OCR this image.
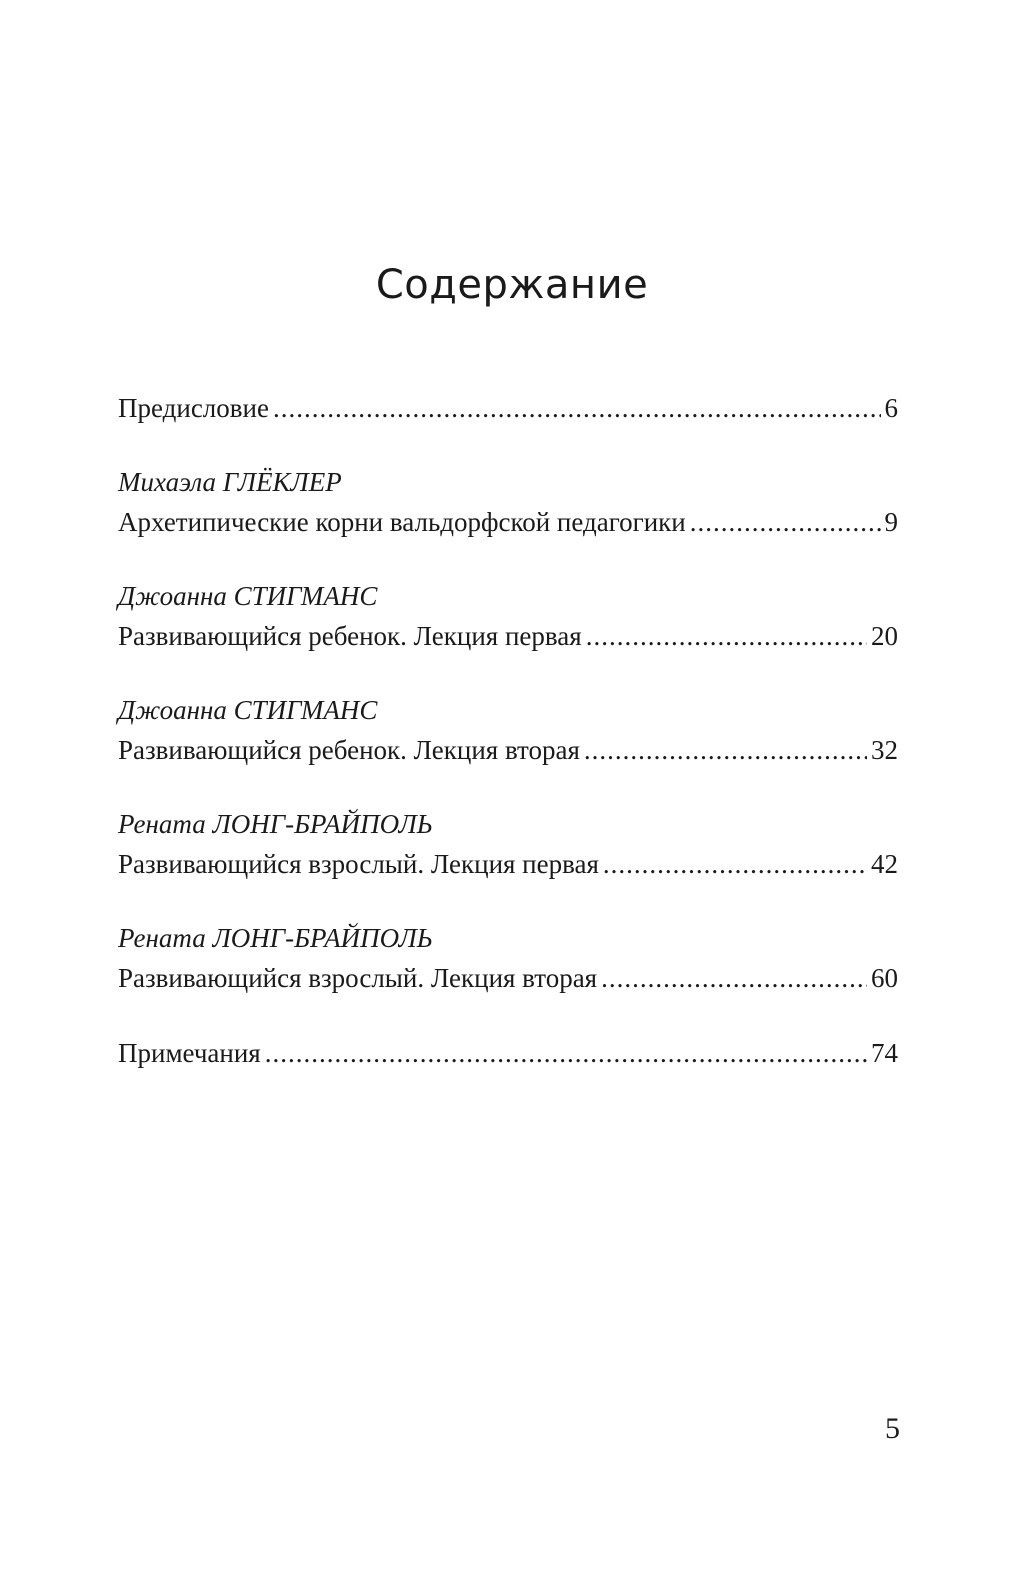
Содержание
Предисловие .....	6
Михаэла ГЛЁКЛЕР
Архетипические корни вальдорфской педагогики .....	9
Джоанна СТИГМАНС
Развивающийся ребенок. Лекция первая .....	20
Джоанна СТИГМАНС
Развивающийся ребенок. Лекция вторая .....	32
Рената ЛОНГ-БРАЙПОЛЬ
Развивающийся взрослый. Лекция первая .....	42
Рената ЛОНГ-БРАЙПОЛЬ
Развивающийся взрослый. Лекция вторая .....	60
Примечания .....	74
5
